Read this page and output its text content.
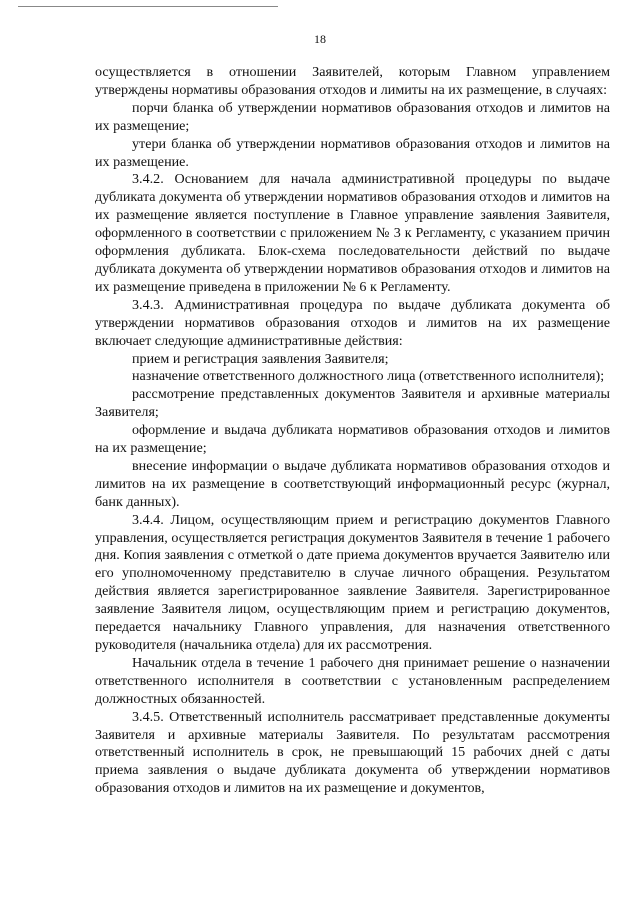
18

осуществляется в отношении Заявителей, которым Главном управлением утверждены нормативы образования отходов и лимиты на их размещение, в случаях:

порчи бланка об утверждении нормативов образования отходов и лимитов на их размещение;

утери бланка об утверждении нормативов образования отходов и лимитов на их размещение.

3.4.2. Основанием для начала административной процедуры по выдаче дубликата документа об утверждении нормативов образования отходов и лимитов на их размещение является поступление в Главное управление заявления Заявителя, оформленного в соответствии с приложением № 3 к Регламенту, с указанием причин оформления дубликата. Блок-схема последовательности действий по выдаче дубликата документа об утверждении нормативов образования отходов и лимитов на их размещение приведена в приложении № 6 к Регламенту.

3.4.3. Административная процедура по выдаче дубликата документа об утверждении нормативов образования отходов и лимитов на их размещение включает следующие административные действия:

прием и регистрация заявления Заявителя;

назначение ответственного должностного лица (ответственного исполнителя);

рассмотрение представленных документов Заявителя и архивные материалы Заявителя;

оформление и выдача дубликата нормативов образования отходов и лимитов на их размещение;

внесение информации о выдаче дубликата нормативов образования отходов и лимитов на их размещение в соответствующий информационный ресурс (журнал, банк данных).

3.4.4. Лицом, осуществляющим прием и регистрацию документов Главного управления, осуществляется регистрация документов Заявителя в течение 1 рабочего дня. Копия заявления с отметкой о дате приема документов вручается Заявителю или его уполномоченному представителю в случае личного обращения. Результатом действия является зарегистрированное заявление Заявителя. Зарегистрированное заявление Заявителя лицом, осуществляющим прием и регистрацию документов, передается начальнику Главного управления, для назначения ответственного руководителя (начальника отдела) для их рассмотрения.

Начальник отдела в течение 1 рабочего дня принимает решение о назначении ответственного исполнителя в соответствии с установленным распределением должностных обязанностей.

3.4.5. Ответственный исполнитель рассматривает представленные документы Заявителя и архивные материалы Заявителя. По результатам рассмотрения ответственный исполнитель в срок, не превышающий 15 рабочих дней с даты приема заявления о выдаче дубликата документа об утверждении нормативов образования отходов и лимитов на их размещение и документов,
